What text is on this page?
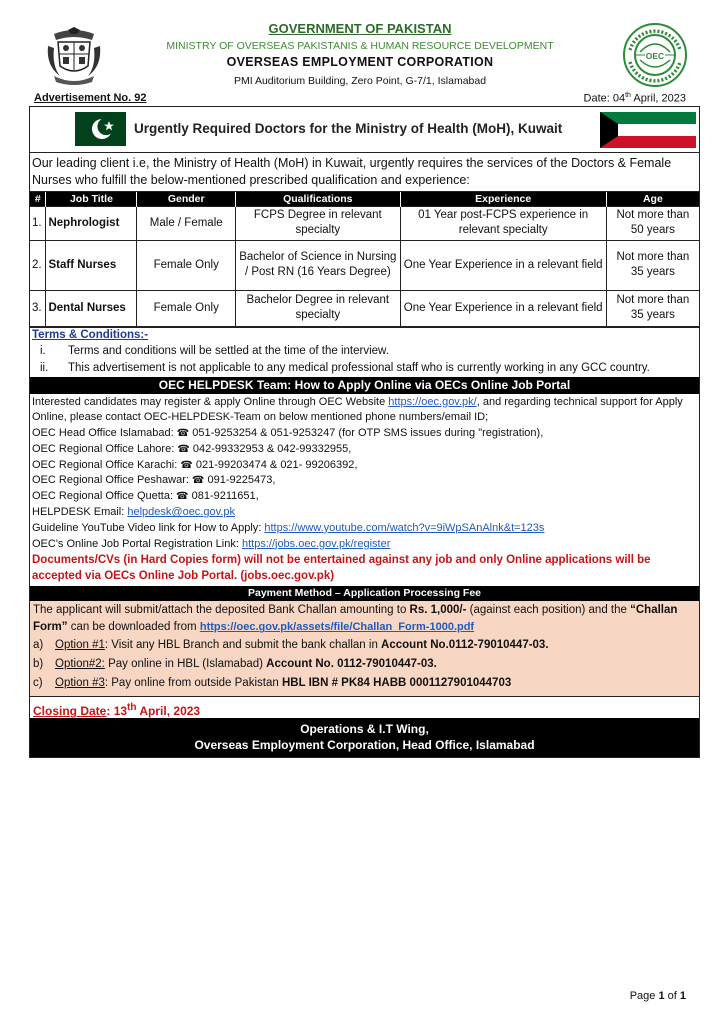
GOVERNMENT OF PAKISTAN
MINISTRY OF OVERSEAS PAKISTANIS & HUMAN RESOURCE DEVELOPMENT
OVERSEAS EMPLOYMENT CORPORATION
PMI Auditorium Building, Zero Point, G-7/1, Islamabad
OEC
Advertisement No. 92	Date: 04th April, 2023
Urgently Required Doctors for the Ministry of Health (MoH), Kuwait
Our leading client i.e, the Ministry of Health (MoH) in Kuwait, urgently requires the services of the Doctors & Female Nurses who fulfill the below-mentioned prescribed qualification and experience:
#	Job Title	Gender	Qualifications	Experience	Age
1.	Nephrologist	Male / Female	FCPS Degree in relevant specialty	01 Year post-FCPS experience in relevant specialty	Not more than 50 years
2.	Staff Nurses	Female Only	Bachelor of Science in Nursing / Post RN (16 Years Degree)	One Year Experience in a relevant field	Not more than 35 years
3.	Dental Nurses	Female Only	Bachelor Degree in relevant specialty	One Year Experience in a relevant field	Not more than 35 years
Terms & Conditions:-
i.	Terms and conditions will be settled at the time of the interview.
ii.	This advertisement is not applicable to any medical professional staff who is currently working in any GCC country.
OEC HELPDESK Team: How to Apply Online via OECs Online Job Portal
Interested candidates may register & apply Online through OEC Website https://oec.gov.pk/, and regarding technical support for Apply Online, please contact OEC-HELPDESK-Team on below mentioned phone numbers/email ID;
OEC Head Office Islamabad: ☎ 051-9253254 & 051-9253247 (for OTP SMS issues during "registration),
OEC Regional Office Lahore: ☎ 042-99332953 & 042-99332955,
OEC Regional Office Karachi: ☎ 021-99203474 & 021- 99206392,
OEC Regional Office Peshawar: ☎ 091-9225473,
OEC Regional Office Quetta: ☎ 081-9211651,
HELPDESK Email: helpdesk@oec.gov.pk
Guideline YouTube Video link for How to Apply: https://www.youtube.com/watch?v=9iWpSAnAlnk&t=123s
OEC's Online Job Portal Registration Link: https://jobs.oec.gov.pk/register
Documents/CVs (in Hard Copies form) will not be entertained against any job and only Online applications will be accepted via OECs Online Job Portal. (jobs.oec.gov.pk)
Payment Method – Application Processing Fee
The applicant will submit/attach the deposited Bank Challan amounting to Rs. 1,000/- (against each position) and the “Challan Form” can be downloaded from https://oec.gov.pk/assets/file/Challan_Form-1000.pdf
a)	Option #1: Visit any HBL Branch and submit the bank challan in Account No.0112-79010447-03.
b)	Option#2: Pay online in HBL (Islamabad) Account No. 0112-79010447-03.
c)	Option #3: Pay online from outside Pakistan HBL IBN # PK84 HABB 0001127901044703
Closing Date: 13th April, 2023
Operations & I.T Wing,
Overseas Employment Corporation, Head Office, Islamabad
Page 1 of 1
